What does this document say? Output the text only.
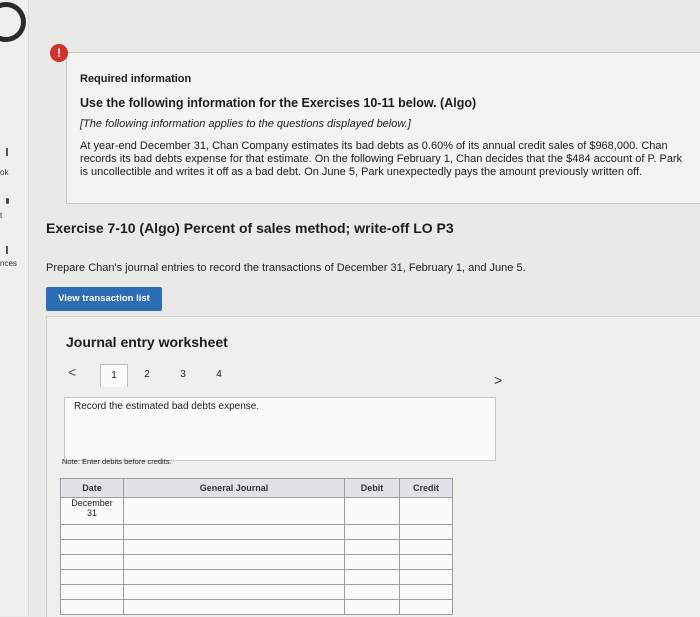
ok
t
nces
!
Required information
Use the following information for the Exercises 10-11 below. (Algo)
[The following information applies to the questions displayed below.]
At year-end December 31, Chan Company estimates its bad debts as 0.60% of its annual credit sales of $968,000. Chan records its bad debts expense for that estimate. On the following February 1, Chan decides that the $484 account of P. Park is uncollectible and writes it off as a bad debt. On June 5, Park unexpectedly pays the amount previously written off.
Exercise 7-10 (Algo) Percent of sales method; write-off LO P3
Prepare Chan's journal entries to record the transactions of December 31, February 1, and June 5.
View transaction list
Journal entry worksheet
<	1	2	3	4	>
Record the estimated bad debts expense.
Note: Enter debits before credits.
Date	General Journal	Debit	Credit

December
31			
